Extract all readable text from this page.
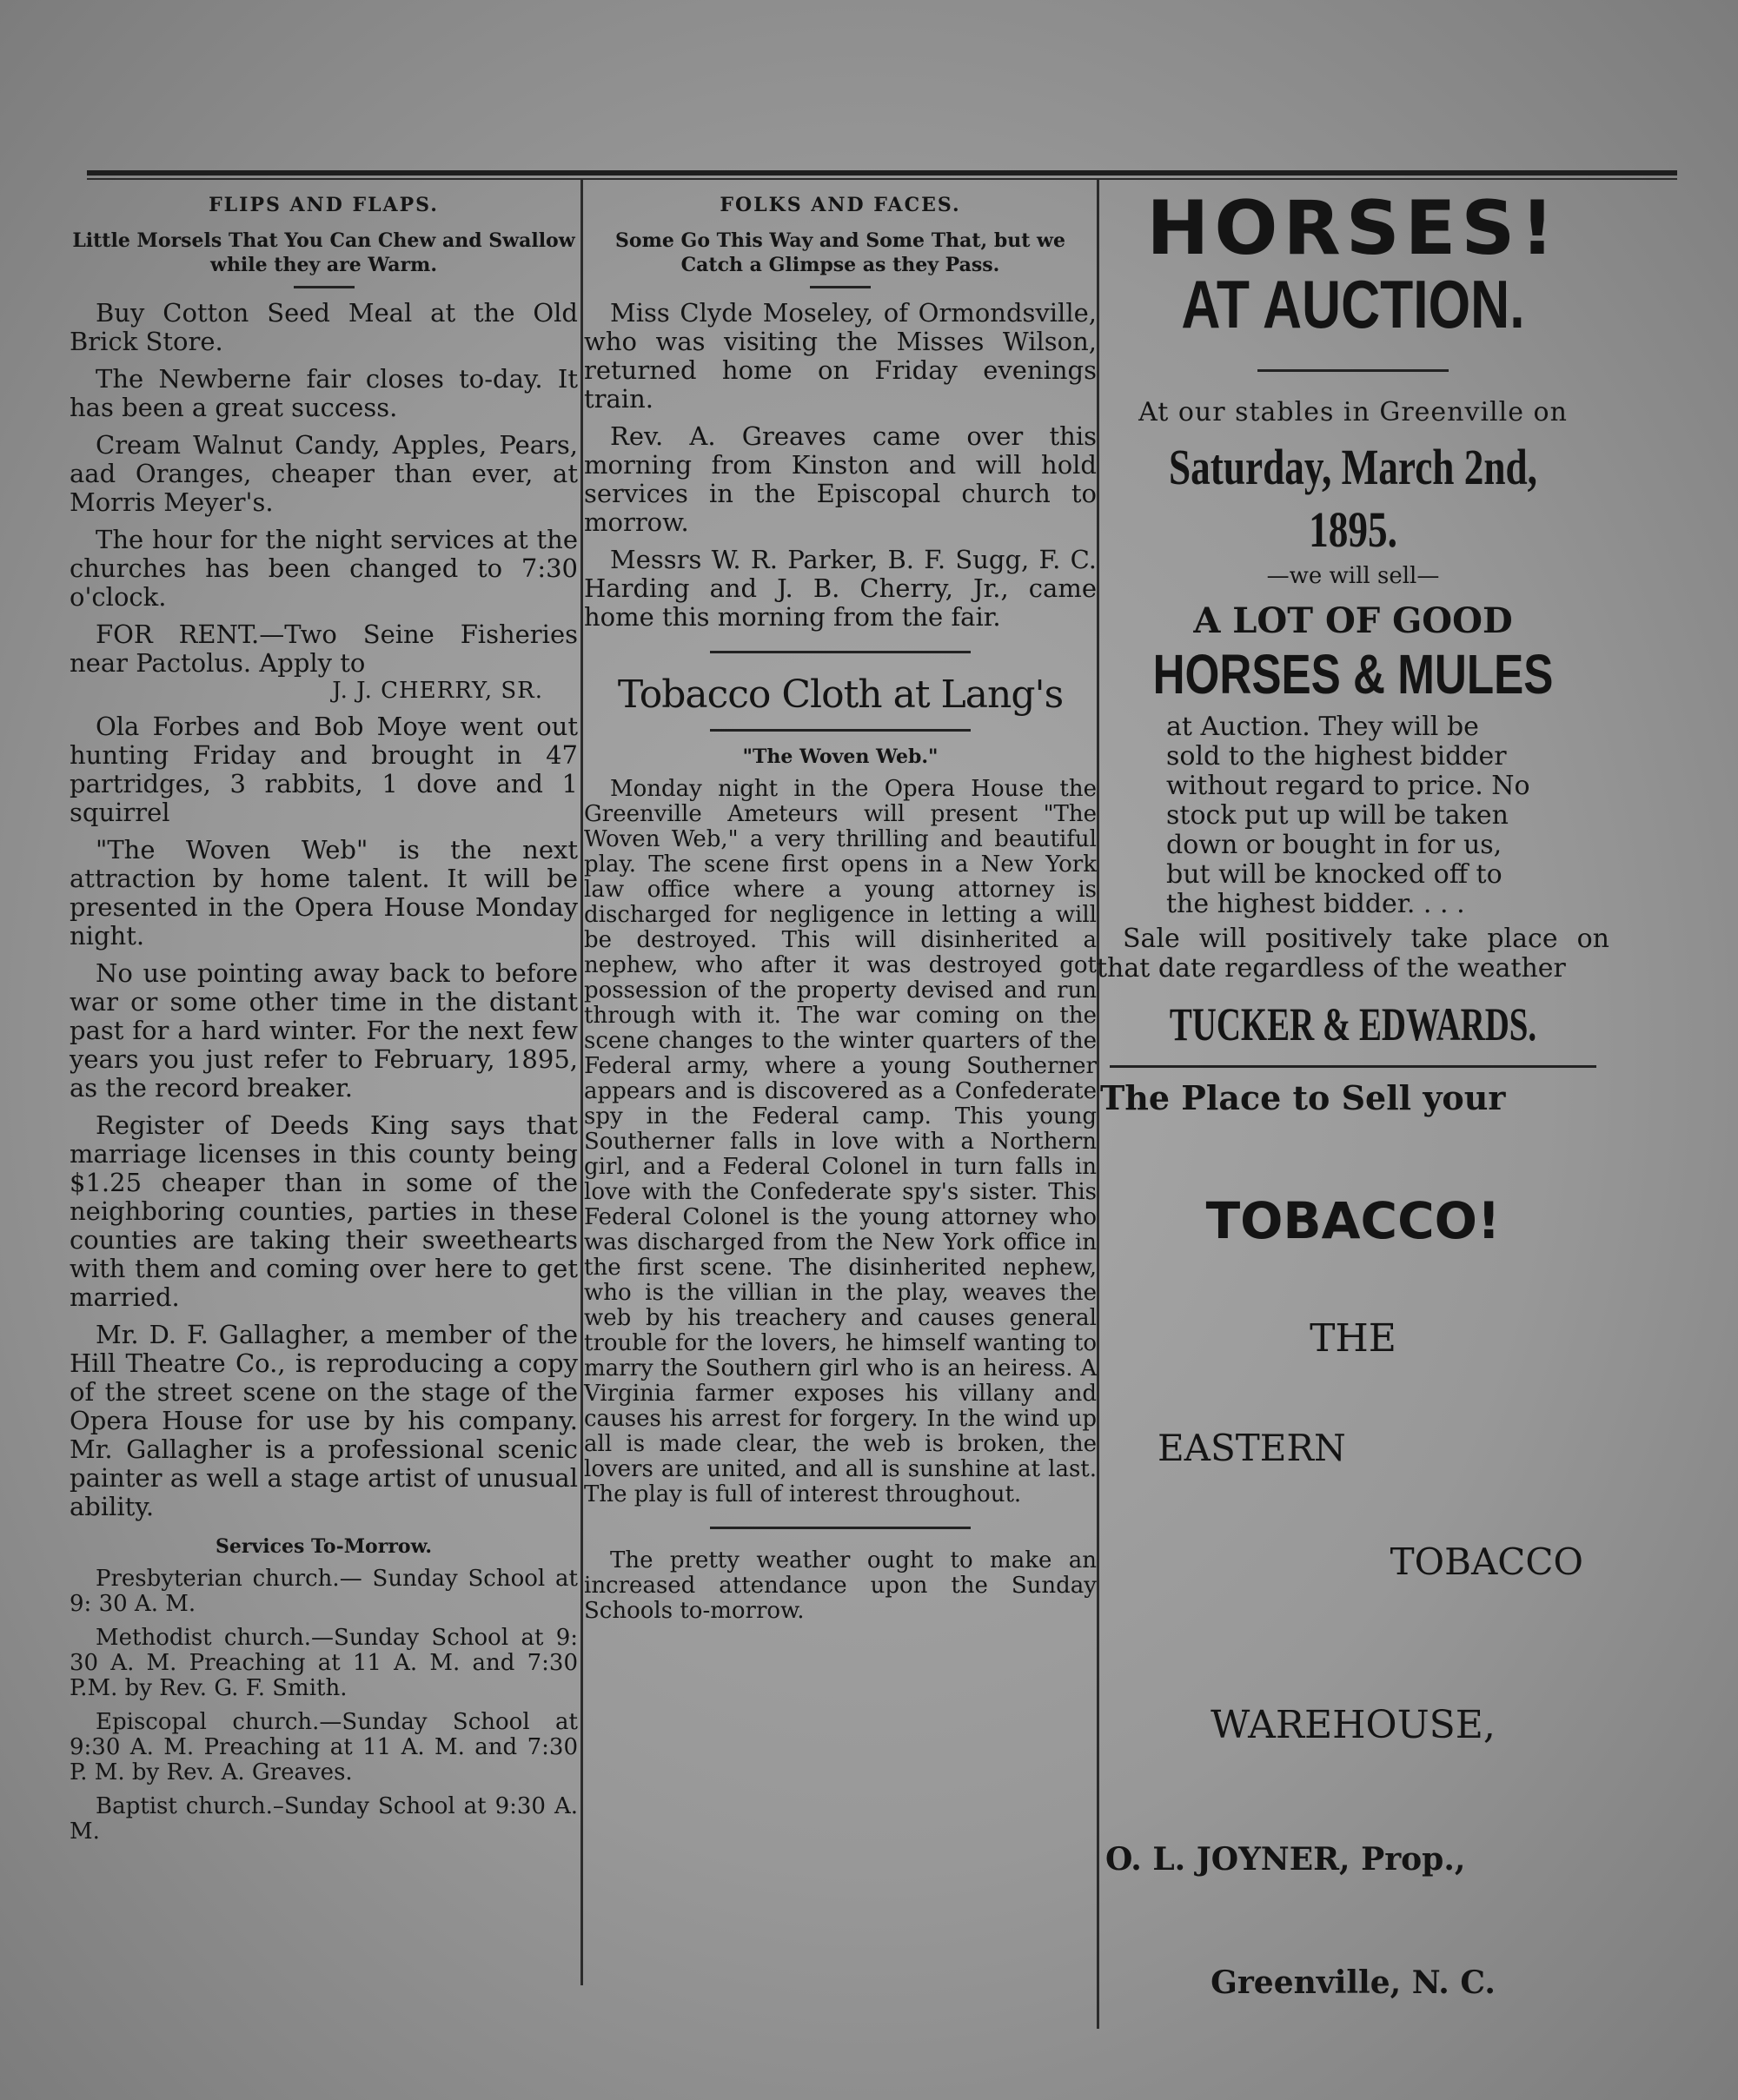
FLIPS AND FLAPS.
Little Morsels That You Can Chew and Swallow while they are Warm.

Buy Cotton Seed Meal at the Old Brick Store.

The Newberne fair closes to-day. It has been a great success.

Cream Walnut Candy, Apples, Pears, aad Oranges, cheaper than ever, at Morris Meyer's.

The hour for the night services at the churches has been changed to 7:30 o'clock.

FOR RENT.—Two Seine Fisheries near Pactolus. Apply to

J. J. CHERRY, SR.

Ola Forbes and Bob Moye went out hunting Friday and brought in 47 partridges, 3 rabbits, 1 dove and 1 squirrel

"The Woven Web" is the next attraction by home talent. It will be presented in the Opera House Monday night.

No use pointing away back to before war or some other time in the distant past for a hard winter. For the next few years you just refer to February, 1895, as the record breaker.

Register of Deeds King says that marriage licenses in this county being $1.25 cheaper than in some of the neighboring counties, parties in these counties are taking their sweethearts with them and coming over here to get married.

Mr. D. F. Gallagher, a member of the Hill Theatre Co., is reproducing a copy of the street scene on the stage of the Opera House for use by his company. Mr. Gallagher is a professional scenic painter as well a stage artist of unusual ability.

Services To-Morrow.

Presbyterian church.— Sunday School at 9: 30 A. M.

Methodist church.—Sunday School at 9: 30 A. M. Preaching at 11 A. M. and 7:30 P.M. by Rev. G. F. Smith.

Episcopal church.—Sunday School at 9:30 A. M. Preaching at 11 A. M. and 7:30 P. M. by Rev. A. Greaves.

Baptist church.–Sunday School at 9:30 A. M.

FOLKS AND FACES.
Some Go This Way and Some That, but we Catch a Glimpse as they Pass.

Miss Clyde Moseley, of Ormondsville, who was visiting the Misses Wilson, returned home on Friday evenings train.

Rev. A. Greaves came over this morning from Kinston and will hold services in the Episcopal church to morrow.

Messrs W. R. Parker, B. F. Sugg, F. C. Harding and J. B. Cherry, Jr., came home this morning from the fair.

Tobacco Cloth at Lang's
"The Woven Web."

Monday night in the Opera House the Greenville Ameteurs will present "The Woven Web," a very thrilling and beautiful play. The scene first opens in a New York law office where a young attorney is discharged for negligence in letting a will be destroyed. This will disinherited a nephew, who after it was destroyed got possession of the property devised and run through with it. The war coming on the scene changes to the winter quarters of the Federal army, where a young Southerner appears and is discovered as a Confederate spy in the Federal camp. This young Southerner falls in love with a Northern girl, and a Federal Colonel in turn falls in love with the Confederate spy's sister. This Federal Colonel is the young attorney who was discharged from the New York office in the first scene. The disinherited nephew, who is the villian in the play, weaves the web by his treachery and causes general trouble for the lovers, he himself wanting to marry the Southern girl who is an heiress. A Virginia farmer exposes his villany and causes his arrest for forgery. In the wind up all is made clear, the web is broken, the lovers are united, and all is sunshine at last. The play is full of interest throughout.

The pretty weather ought to make an increased attendance upon the Sunday Schools to-morrow.

HORSES!
AT AUCTION.
At our stables in Greenville on
Saturday, March 2nd, 1895.
—we will sell—
A LOT OF GOOD
HORSES & MULES
at Auction. They will be sold to the highest bidder without regard to price. No stock put up will be taken down or bought in for us, but will be knocked off to the highest bidder. . . .
Sale will positively take place on that date regardless of the weather
TUCKER & EDWARDS.
The Place to Sell your
TOBACCO!
THE
EASTERN
TOBACCO
WAREHOUSE,
O. L. JOYNER, Prop.,
Greenville, N. C.
